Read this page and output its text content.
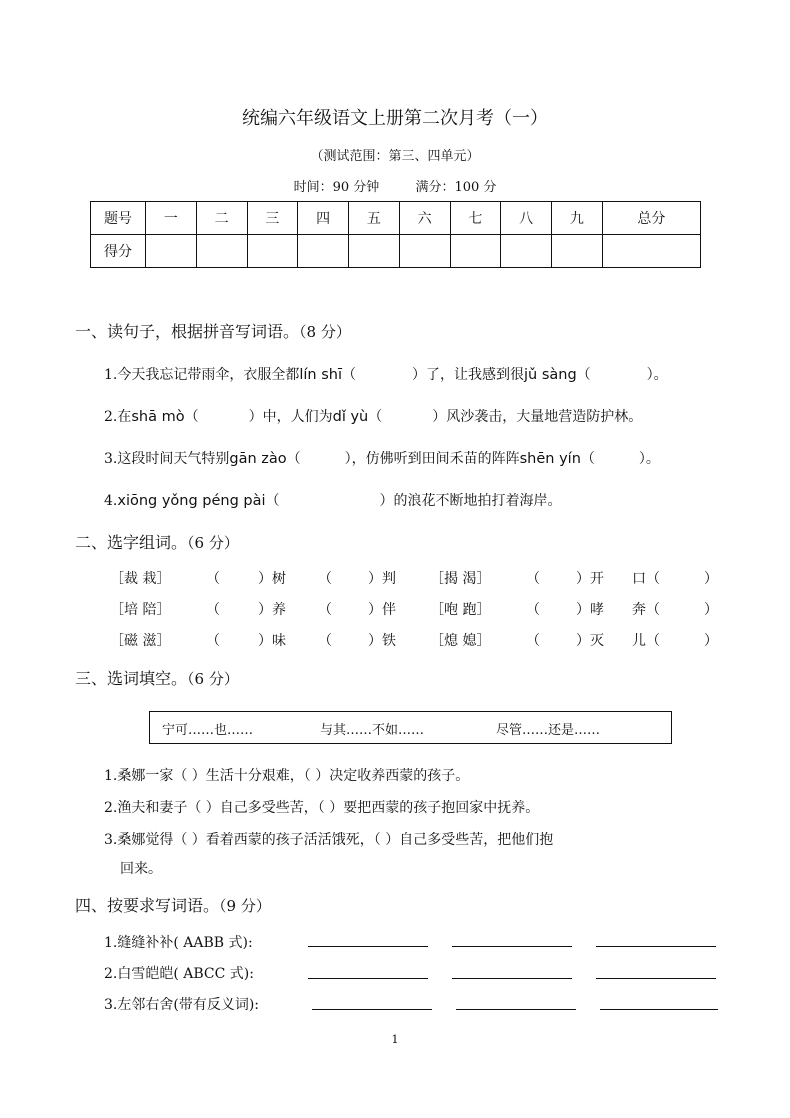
统编六年级语文上册第二次月考（一）
（测试范围：第三、四单元）
时间：90 分钟	满分：100 分
题号	一	二	三	四	五	六	七	八	九	总分
得分										
一、读句子，根据拼音写词语。（8 分）
1.今天我忘记带雨伞，衣服全都lín shī（	）了，让我感到很jǔ sàng（	）。
2.在shā mò（	）中，人们为dǐ yù（	）风沙袭击，大量地营造防护林。
3.这段时间天气特别gān zào（	），仿佛听到田间禾苗的阵阵shēn yín（	）。
4.xiōng yǒng péng pài（	）的浪花不断地拍打着海岸。
二、选字组词。（6 分）
［裁 栽］	（	）树 （	）判 ［揭 渴］	（	）开 口（	）
［培 陪］	（	）养 （	）伴 ［咆 跑］	（	）哮 奔（	）
［磁 滋］	（	）味 （	）铁 ［熄 媳］	（	）灭 儿（	）
三、选词填空。（6 分）
宁可……也……	与其……不如……	尽管……还是……
1.桑娜一家（ ）生活十分艰难，（ ）决定收养西蒙的孩子。
2.渔夫和妻子（ ）自己多受些苦，（ ）要把西蒙的孩子抱回家中抚养。
3.桑娜觉得（ ）看着西蒙的孩子活活饿死，（ ）自己多受些苦，把他们抱
回来。
四、按要求写词语。（9 分）
1.缝缝补补( AABB 式):
2.白雪皑皑( ABCC 式):
3.左邻右舍(带有反义词):
1
